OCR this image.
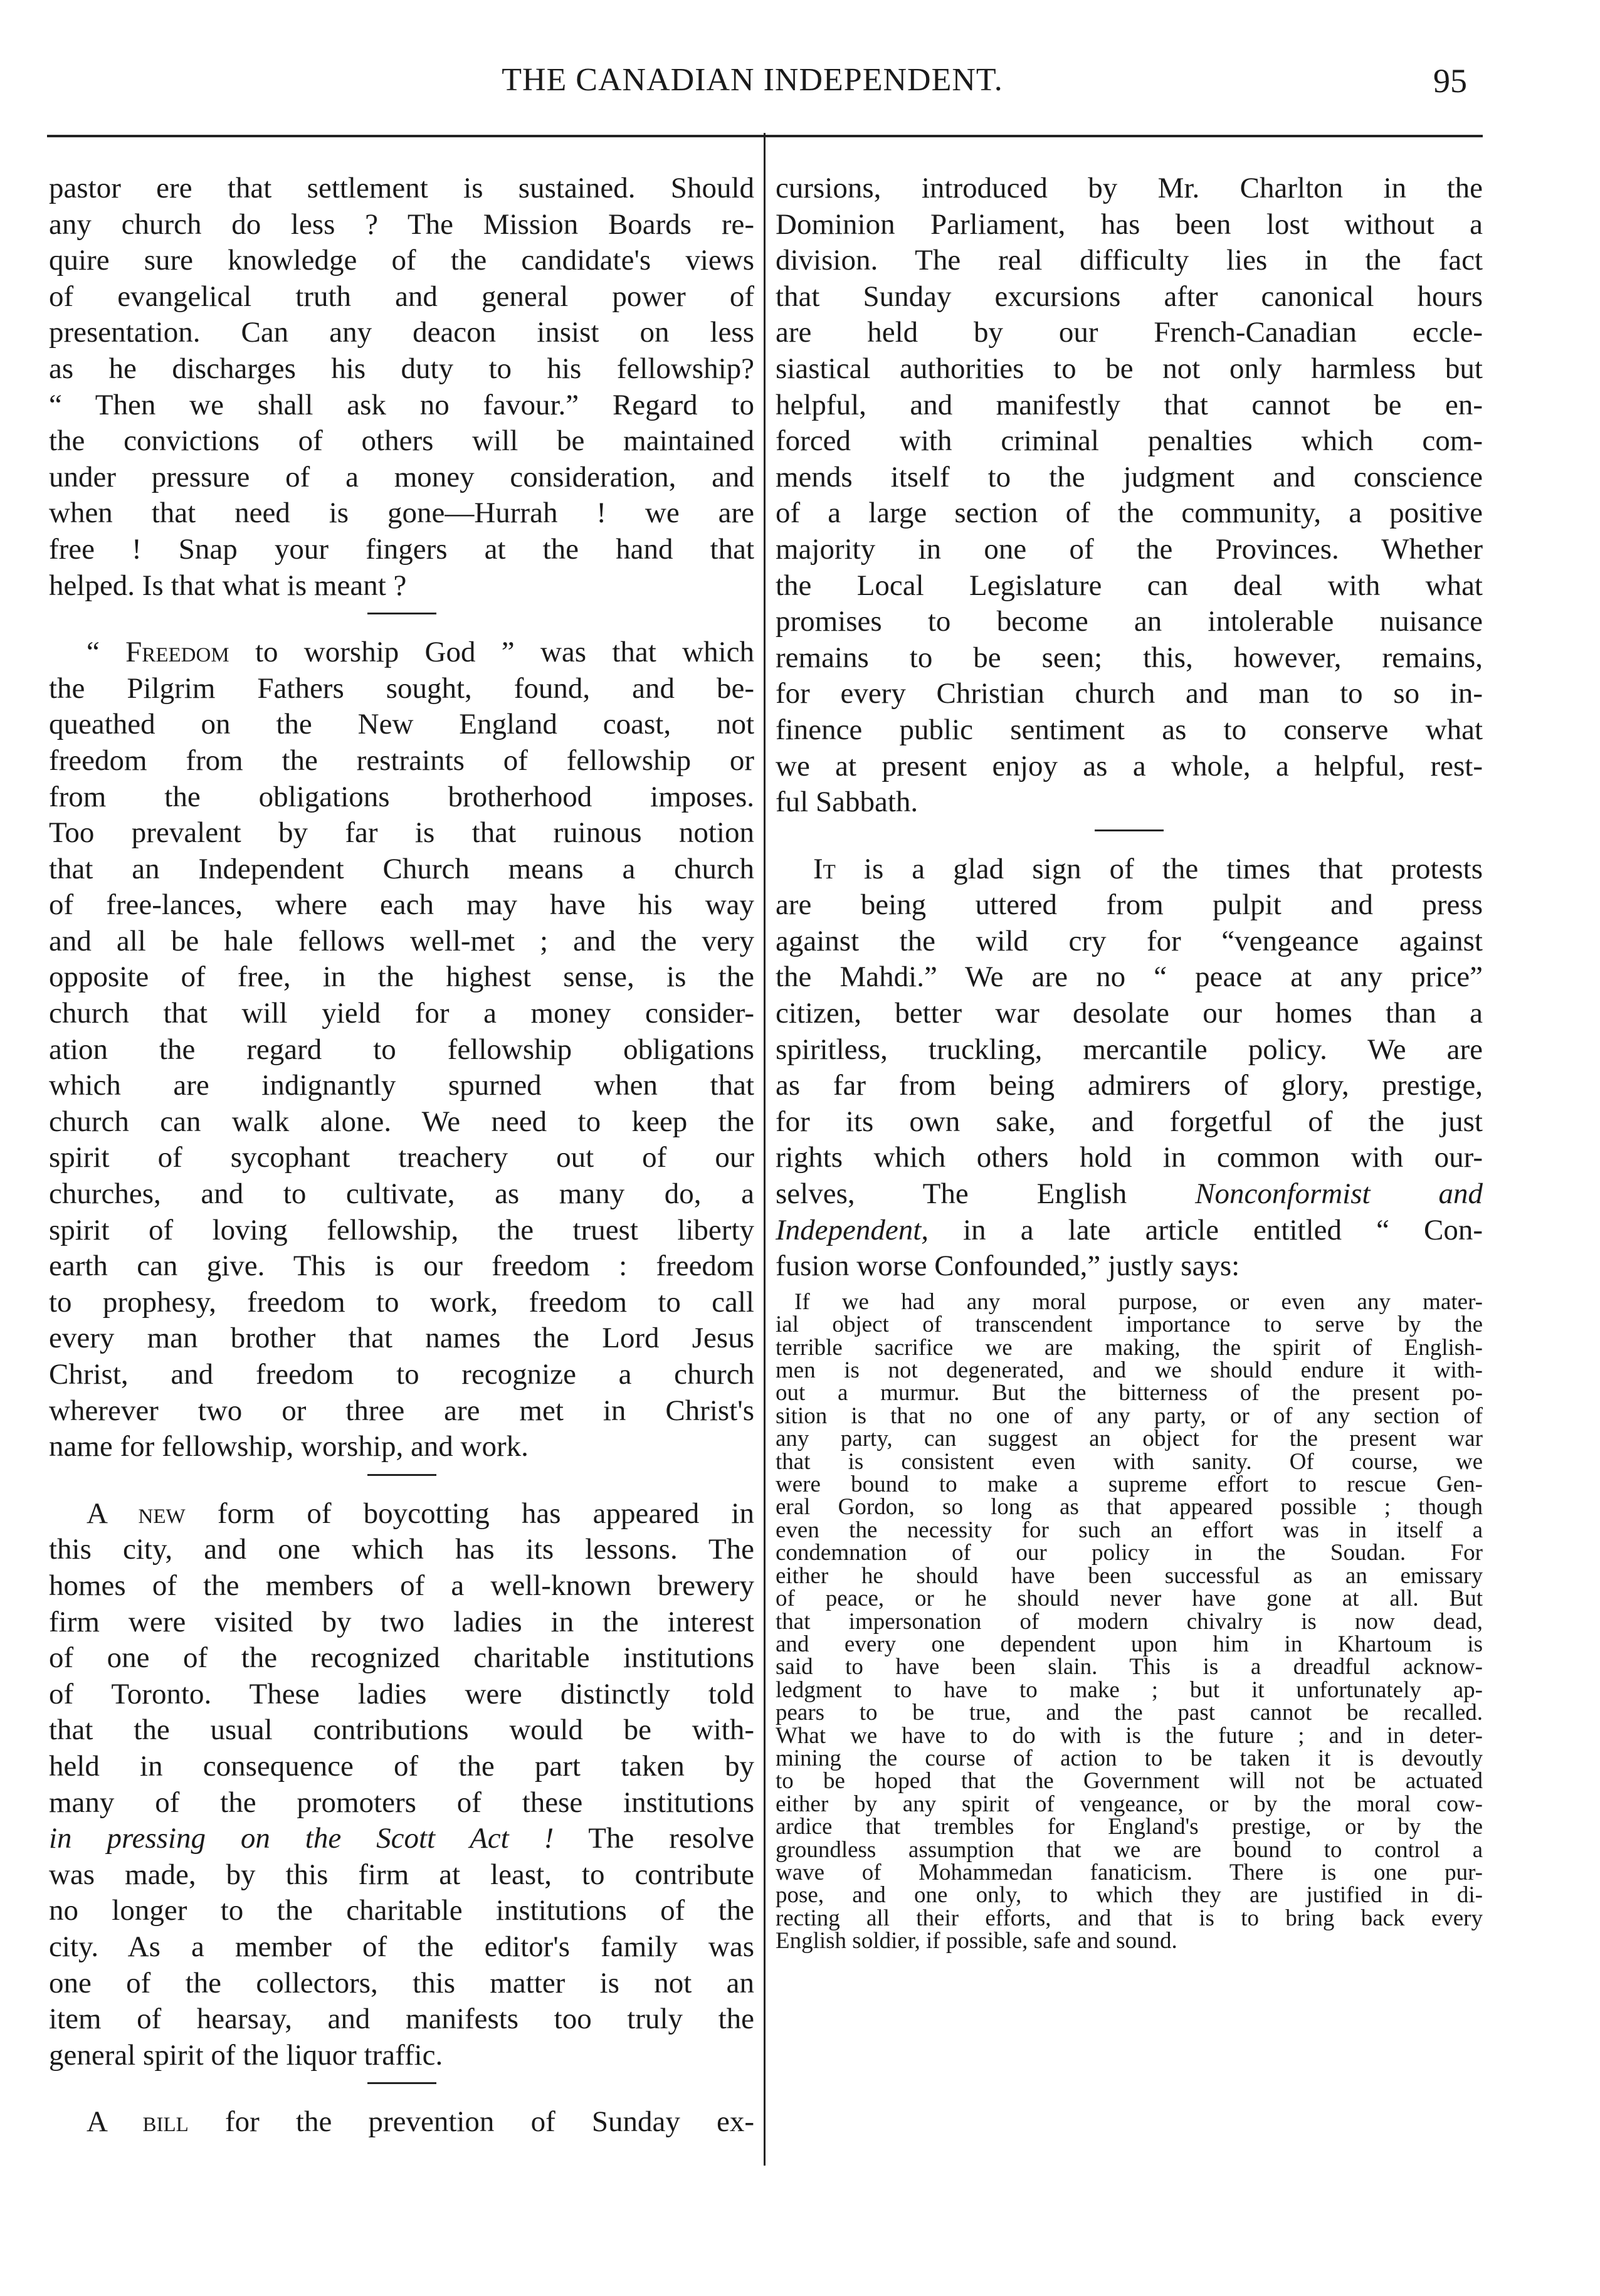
THE CANADIAN INDEPENDENT.	95
pastor ere that settlement is sustained. Should
any church do less ? The Mission Boards re-
quire sure knowledge of the candidate's views
of evangelical truth and general power of
presentation. Can any deacon insist on less
as he discharges his duty to his fellowship?
“ Then we shall ask no favour.” Regard to
the convictions of others will be maintained
under pressure of a money consideration, and
when that need is gone—Hurrah ! we are
free ! Snap your fingers at the hand that
helped. Is that what is meant ?
“ Freedom to worship God ” was that which
the Pilgrim Fathers sought, found, and be-
queathed on the New England coast, not
freedom from the restraints of fellowship or
from the obligations brotherhood imposes.
Too prevalent by far is that ruinous notion
that an Independent Church means a church
of free-lances, where each may have his way
and all be hale fellows well-met ; and the very
opposite of free, in the highest sense, is the
church that will yield for a money consider-
ation the regard to fellowship obligations
which are indignantly spurned when that
church can walk alone. We need to keep the
spirit of sycophant treachery out of our
churches, and to cultivate, as many do, a
spirit of loving fellowship, the truest liberty
earth can give. This is our freedom : freedom
to prophesy, freedom to work, freedom to call
every man brother that names the Lord Jesus
Christ, and freedom to recognize a church
wherever two or three are met in Christ's
name for fellowship, worship, and work.
A new form of boycotting has appeared in
this city, and one which has its lessons. The
homes of the members of a well-known brewery
firm were visited by two ladies in the interest
of one of the recognized charitable institutions
of Toronto. These ladies were distinctly told
that the usual contributions would be with-
held in consequence of the part taken by
many of the promoters of these institutions
in pressing on the Scott Act ! The resolve
was made, by this firm at least, to contribute
no longer to the charitable institutions of the
city. As a member of the editor's family was
one of the collectors, this matter is not an
item of hearsay, and manifests too truly the
general spirit of the liquor traffic.
A bill for the prevention of Sunday ex-
cursions, introduced by Mr. Charlton in the
Dominion Parliament, has been lost without a
division. The real difficulty lies in the fact
that Sunday excursions after canonical hours
are held by our French-Canadian eccle-
siastical authorities to be not only harmless but
helpful, and manifestly that cannot be en-
forced with criminal penalties which com-
mends itself to the judgment and conscience
of a large section of the community, a positive
majority in one of the Provinces. Whether
the Local Legislature can deal with what
promises to become an intolerable nuisance
remains to be seen; this, however, remains,
for every Christian church and man to so in-
finence public sentiment as to conserve what
we at present enjoy as a whole, a helpful, rest-
ful Sabbath.
It is a glad sign of the times that protests
are being uttered from pulpit and press
against the wild cry for “vengeance against
the Mahdi.” We are no “ peace at any price”
citizen, better war desolate our homes than a
spiritless, truckling, mercantile policy. We are
as far from being admirers of glory, prestige,
for its own sake, and forgetful of the just
rights which others hold in common with our-
selves, The English Nonconformist and
Independent, in a late article entitled “ Con-
fusion worse Confounded,” justly says:
If we had any moral purpose, or even any mater-
ial object of transcendent importance to serve by the
terrible sacrifice we are making, the spirit of English-
men is not degenerated, and we should endure it with-
out a murmur. But the bitterness of the present po-
sition is that no one of any party, or of any section of
any party, can suggest an object for the present war
that is consistent even with sanity. Of course, we
were bound to make a supreme effort to rescue Gen-
eral Gordon, so long as that appeared possible ; though
even the necessity for such an effort was in itself a
condemnation of our policy in the Soudan. For
either he should have been successful as an emissary
of peace, or he should never have gone at all. But
that impersonation of modern chivalry is now dead,
and every one dependent upon him in Khartoum is
said to have been slain. This is a dreadful acknow-
ledgment to have to make ; but it unfortunately ap-
pears to be true, and the past cannot be recalled.
What we have to do with is the future ; and in deter-
mining the course of action to be taken it is devoutly
to be hoped that the Government will not be actuated
either by any spirit of vengeance, or by the moral cow-
ardice that trembles for England's prestige, or by the
groundless assumption that we are bound to control a
wave of Mohammedan fanaticism. There is one pur-
pose, and one only, to which they are justified in di-
recting all their efforts, and that is to bring back every
English soldier, if possible, safe and sound.
